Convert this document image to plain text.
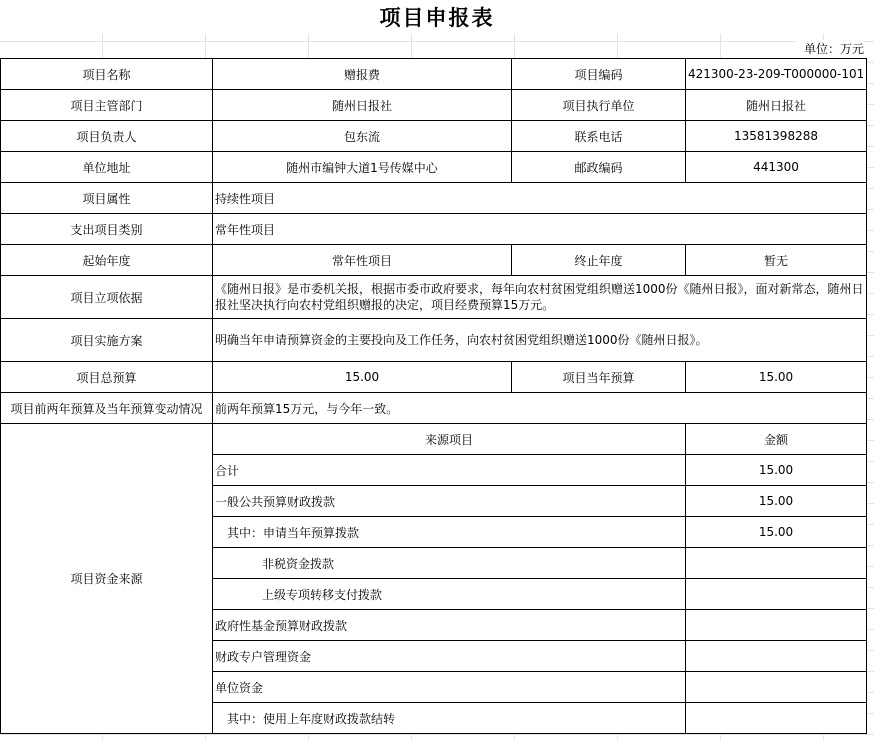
项目申报表
单位：万元
项目名称	赠报费	项目编码	421300-23-209-T000000-101
项目主管部门	随州日报社	项目执行单位	随州日报社
项目负责人	包东流	联系电话	13581398288
单位地址	随州市编钟大道1号传媒中心	邮政编码	441300
项目属性	持续性项目		
支出项目类别	常年性项目		
起始年度	常年性项目	终止年度	暂无
项目立项依据	《随州日报》是市委机关报，根据市委市政府要求，每年向农村贫困党组织赠送1000份《随州日报》，面对新常态，随州日报社坚决执行向农村党组织赠报的决定，项目经费预算15万元。		
项目实施方案	明确当年申请预算资金的主要投向及工作任务，向农村贫困党组织赠送1000份《随州日报》。		
项目总预算	15.00	项目当年预算	15.00
项目前两年预算及当年预算变动情况	前两年预算15万元，与今年一致。		
项目资金来源	来源项目		金额
	合计		15.00
	一般公共预算财政拨款		15.00
	其中：申请当年预算拨款		15.00
	非税资金拨款		
	上级专项转移支付拨款		
	政府性基金预算财政拨款		
	财政专户管理资金		
	单位资金		
	其中：使用上年度财政拨款结转		
